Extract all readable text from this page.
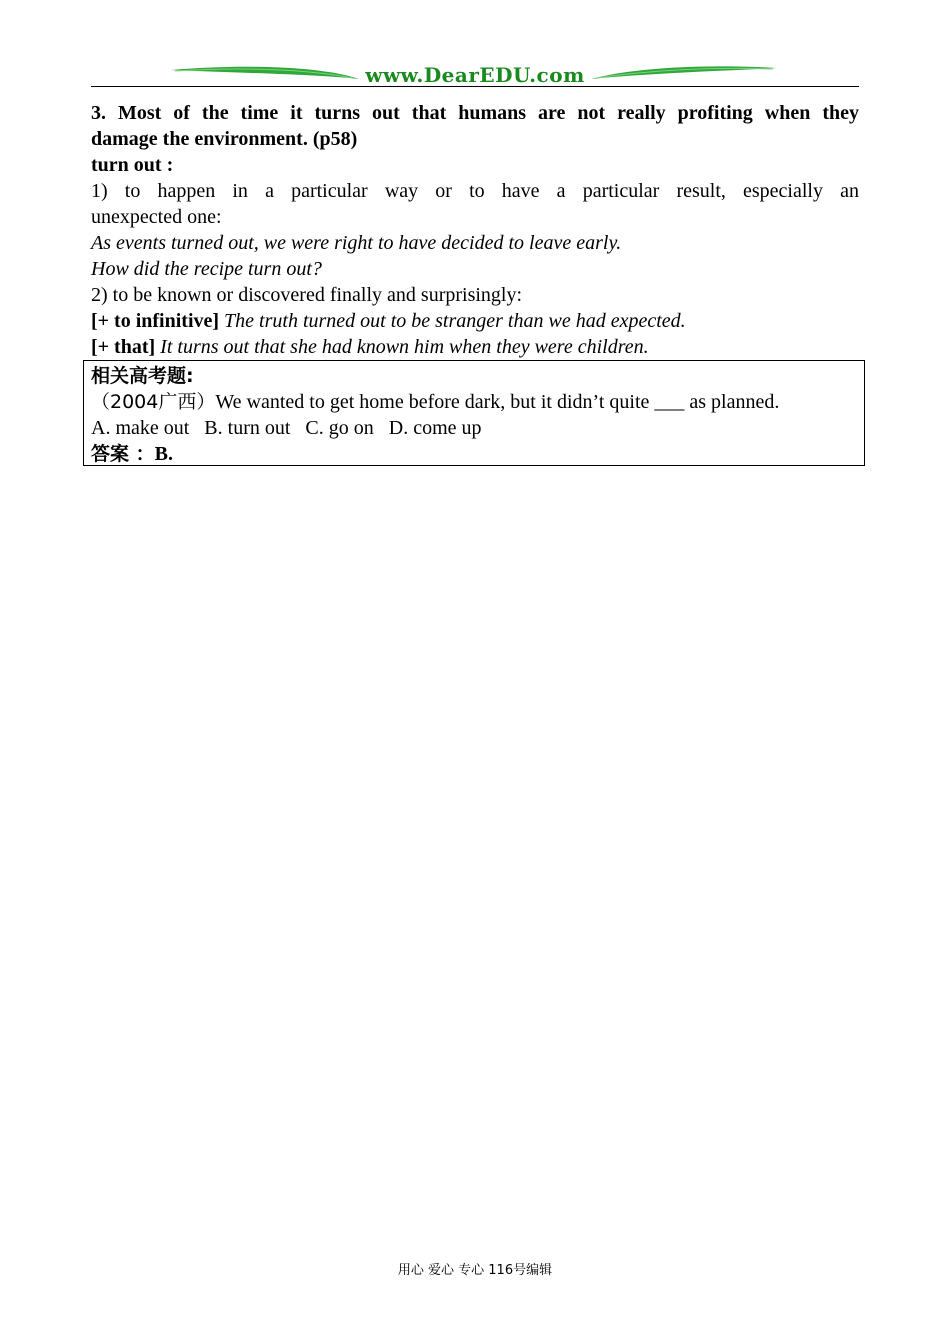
www.DearEDU.com

3. Most of the time it turns out that humans are not really profiting when they

damage the environment. (p58)

turn out :

1) to happen in a particular way or to have a particular result, especially an

unexpected one:

As events turned out, we were right to have decided to leave early.

How did the recipe turn out?

2) to be known or discovered finally and surprisingly:

[+ to infinitive] The truth turned out to be stranger than we had expected.

[+ that] It turns out that she had known him when they were children.

相关高考题:

（2004广西）We wanted to get home before dark, but it didn’t quite ___ as planned.

A. make out   B. turn out   C. go on   D. come up

答案 ：B.

用心 爱心 专心 116号编辑
